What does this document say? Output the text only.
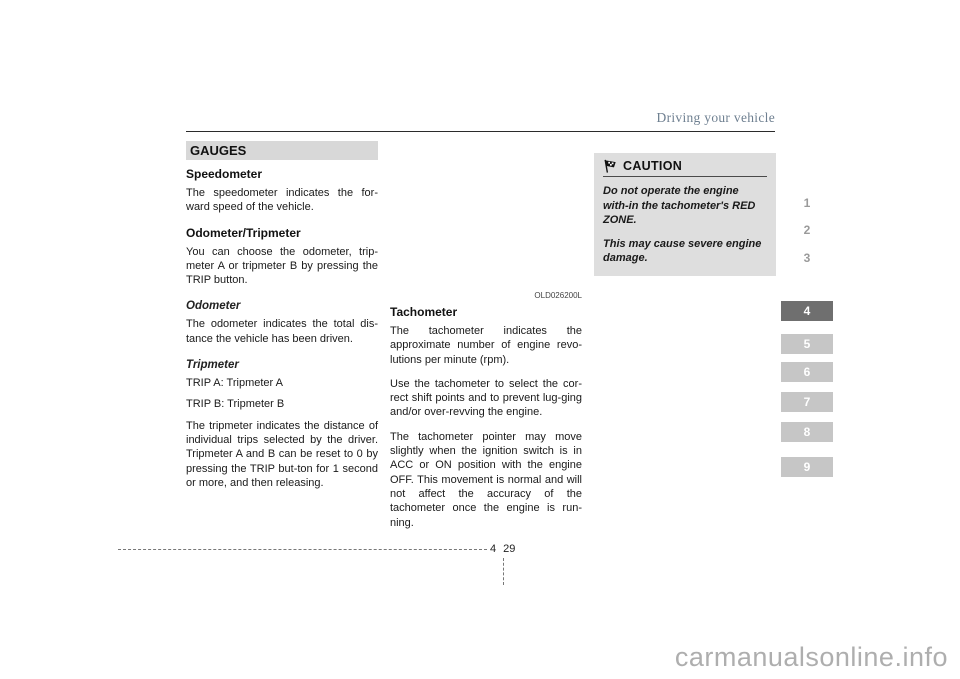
Driving your vehicle
GAUGES
Speedometer

The speedometer indicates the for-ward speed of the vehicle.

Odometer/Tripmeter

You can choose the odometer, trip-meter A or tripmeter B by pressing the TRIP button.

Odometer

The odometer indicates the total dis-tance the vehicle has been driven.

Tripmeter

TRIP A: Tripmeter A

TRIP B: Tripmeter B

The tripmeter indicates the distance of individual trips selected by the driver. Tripmeter A and B can be reset to 0 by pressing the TRIP but-ton for 1 second or more, and then releasing.

OLD026200L
Tachometer

The tachometer indicates the approximate number of engine revo-lutions per minute (rpm).

Use the tachometer to select the cor-rect shift points and to prevent lug-ging and/or over-revving the engine.

The tachometer pointer may move slightly when the ignition switch is in ACC or ON position with the engine OFF. This movement is normal and will not affect the accuracy of the tachometer once the engine is run-ning.

CAUTION

Do not operate the engine with-in the tachometer's RED ZONE.

This may cause severe engine damage.

1
2
3
4
5
6
7
8
9
4 29
carmanualsonline.info
